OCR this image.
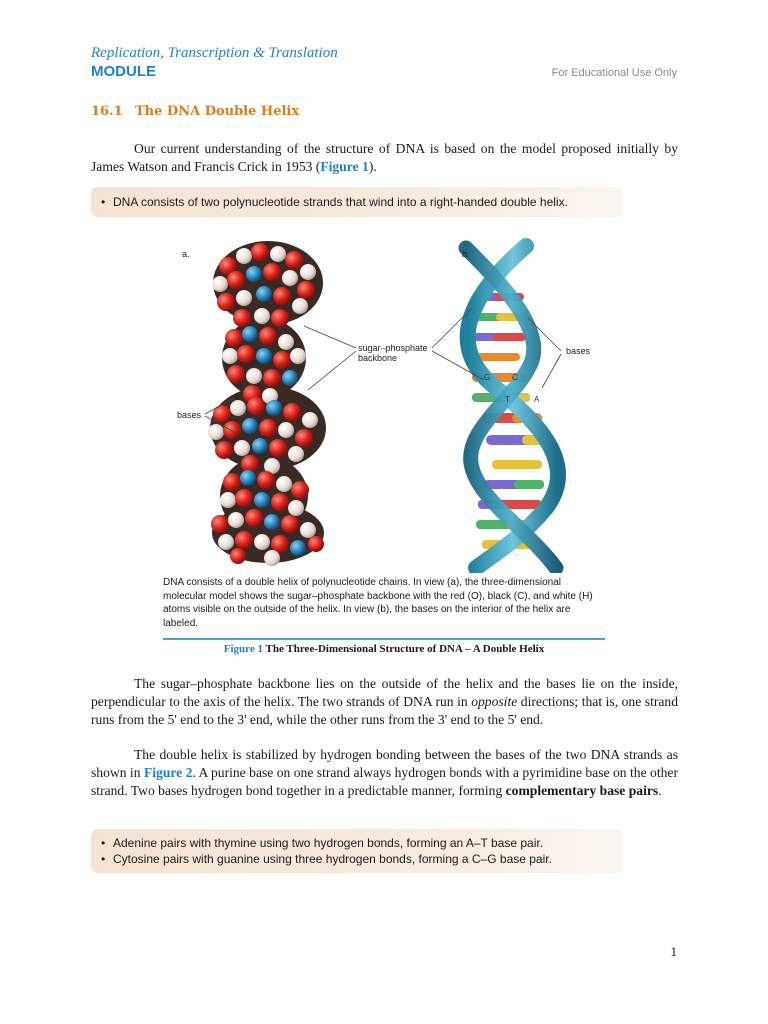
Replication, Transcription & Translation
MODULE	For Educational Use Only
16.1 The DNA Double Helix

Our current understanding of the structure of DNA is based on the model proposed initially by James Watson and Francis Crick in 1953 (Figure 1).

• DNA consists of two polynucleotide strands that wind into a right-handed double helix.
a.	b.
sugar–phosphate backbone
bases
bases
G	C
T	A
DNA consists of a double helix of polynucleotide chains. In view (a), the three-dimensional molecular model shows the sugar–phosphate backbone with the red (O), black (C), and white (H) atoms visible on the outside of the helix. In view (b), the bases on the interior of the helix are labeled.
Figure 1 The Three-Dimensional Structure of DNA – A Double Helix

The sugar–phosphate backbone lies on the outside of the helix and the bases lie on the inside, perpendicular to the axis of the helix. The two strands of DNA run in opposite directions; that is, one strand runs from the 5' end to the 3' end, while the other runs from the 3' end to the 5' end.

The double helix is stabilized by hydrogen bonding between the bases of the two DNA strands as shown in Figure 2. A purine base on one strand always hydrogen bonds with a pyrimidine base on the other strand. Two bases hydrogen bond together in a predictable manner, forming complementary base pairs.

• Adenine pairs with thymine using two hydrogen bonds, forming an A–T base pair.
• Cytosine pairs with guanine using three hydrogen bonds, forming a C–G base pair.
1
